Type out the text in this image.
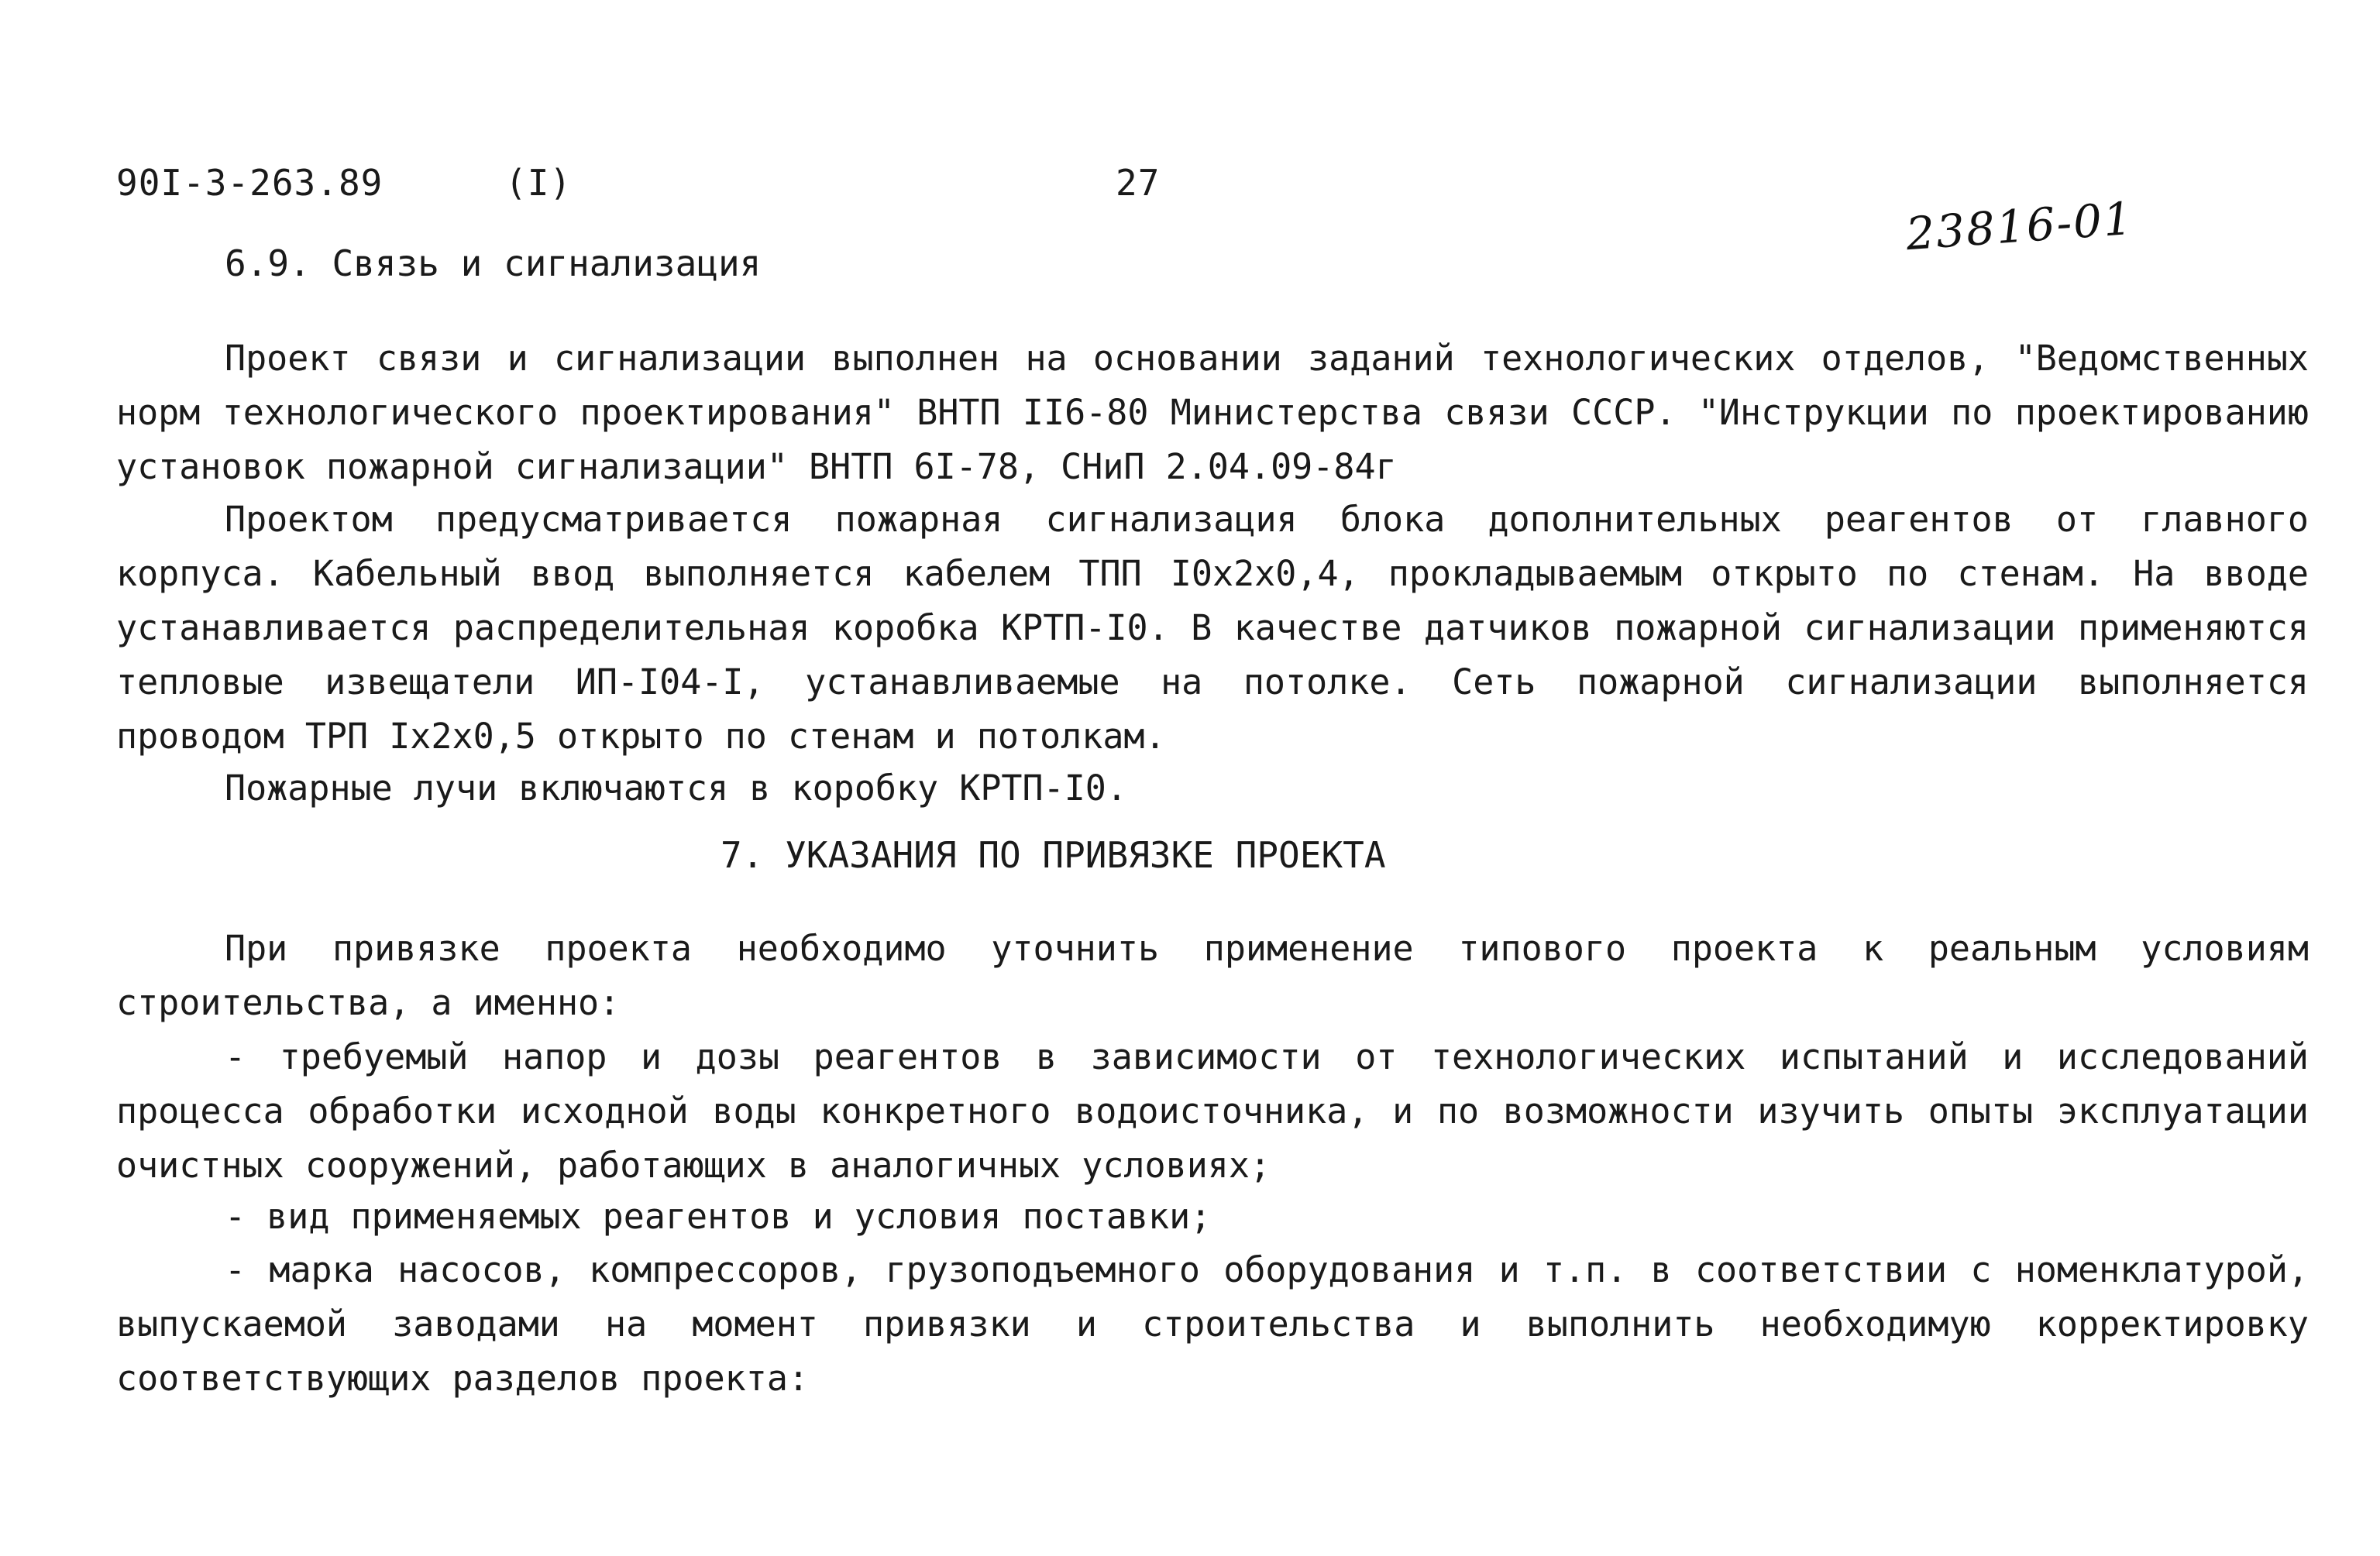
90I-3-263.89	(I)	27
23816-01
6.9. Связь и сигнализация
Проект связи и сигнализации выполнен на основании заданий технологических отделов, "Ведомственных норм технологического проектирования" ВНТП II6-80 Министерства связи СССР. "Инструкции по проектированию установок пожарной сигнализации" ВНТП 6I-78, СНиП 2.04.09-84г
Проектом предусматривается пожарная сигнализация блока дополнительных реагентов от главного корпуса. Кабельный ввод выполняется кабелем ТПП I0x2x0,4, прокладываемым открыто по стенам. На вводе устанавливается распределительная коробка КРТП-I0. В качестве датчиков пожарной сигнализации применяются тепловые извещатели ИП-I04-I, устанавливаемые на потолке. Сеть пожарной сигнализации выполняется проводом ТРП Ix2x0,5 открыто по стенам и потолкам.
Пожарные лучи включаются в коробку КРТП-I0.
7. УКАЗАНИЯ ПО ПРИВЯЗКЕ ПРОЕКТА
При привязке проекта необходимо уточнить применение типового проекта к реальным условиям строительства, а именно:
- требуемый напор и дозы реагентов в зависимости от технологических испытаний и исследований процесса обработки исходной воды конкретного водоисточника, и по возможности изучить опыты эксплуатации очистных сооружений, работающих в аналогичных условиях;
- вид применяемых реагентов и условия поставки;
- марка насосов, компрессоров, грузоподъемного оборудования и т.п. в соответствии с номенклатурой, выпускаемой заводами на момент привязки и строительства и выполнить необходимую корректировку соответствующих разделов проекта:
